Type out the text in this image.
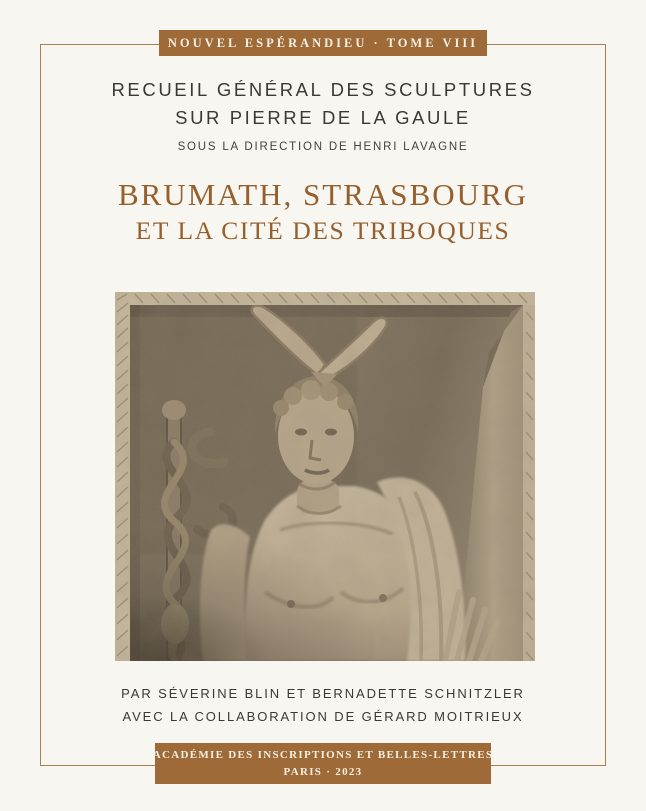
NOUVEL ESPÉRANDIEU · TOME VIII
RECUEIL GÉNÉRAL DES SCULPTURES
SUR PIERRE DE LA GAULE
SOUS LA DIRECTION DE HENRI LAVAGNE
BRUMATH, STRASBOURG
ET LA CITÉ DES TRIBOQUES
PAR SÉVERINE BLIN ET BERNADETTE SCHNITZLER
AVEC LA COLLABORATION DE GÉRARD MOITRIEUX
ACADÉMIE DES INSCRIPTIONS ET BELLES-LETTRES
PARIS · 2023
